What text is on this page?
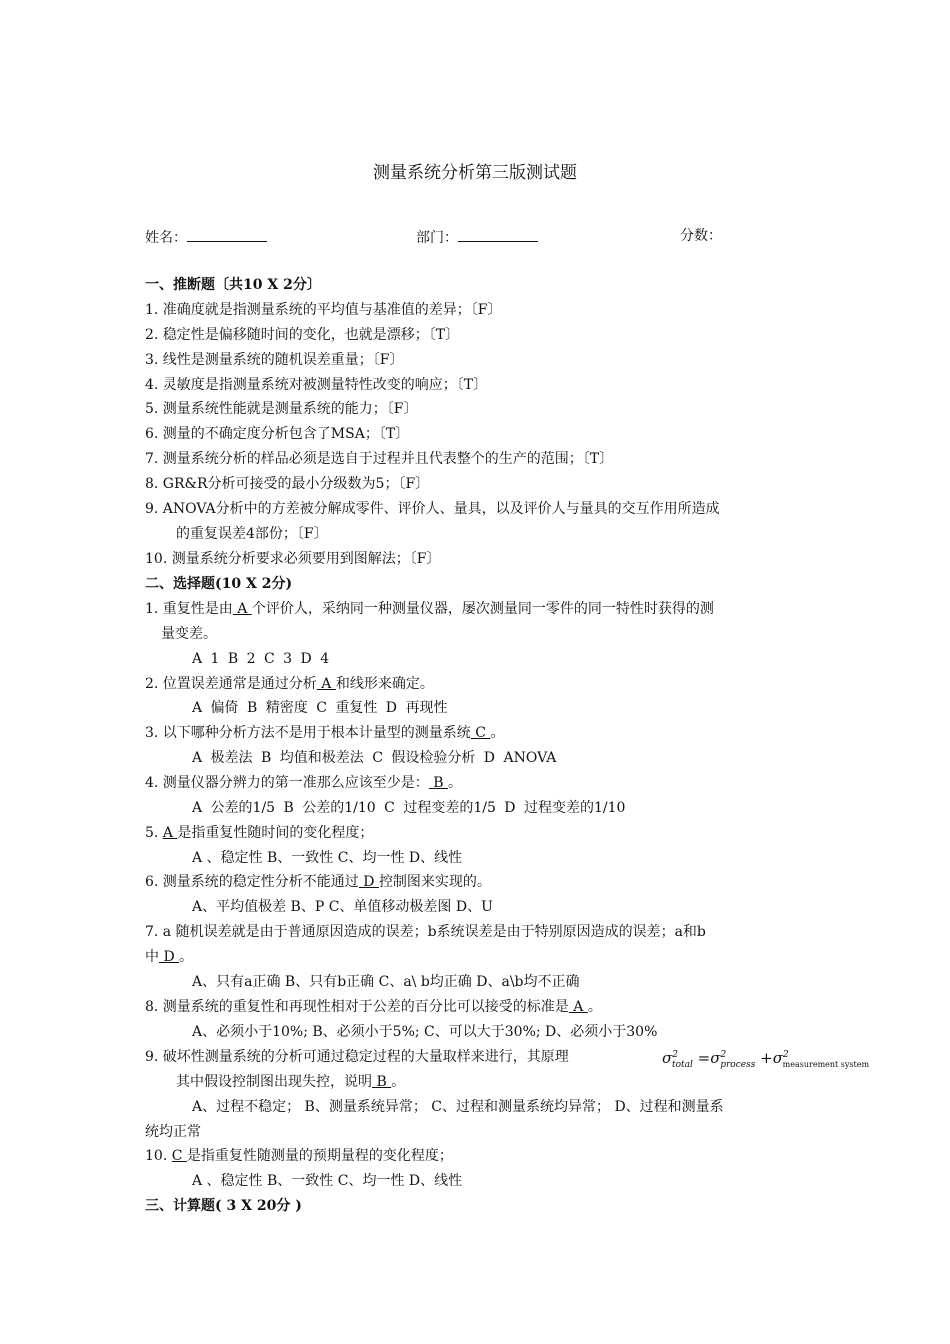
测量系统分析第三版测试题
姓名：	部门：	分数：
一、推断题〔共10 X 2分〕
1. 准确度就是指测量系统的平均值与基准值的差异；〔F〕
2. 稳定性是偏移随时间的变化，也就是漂移；〔T〕
3. 线性是测量系统的随机误差重量；〔F〕
4. 灵敏度是指测量系统对被测量特性改变的响应；〔T〕
5. 测量系统性能就是测量系统的能力；〔F〕
6. 测量的不确定度分析包含了MSA；〔T〕
7. 测量系统分析的样品必须是选自于过程并且代表整个的生产的范围；〔T〕
8. GR&R分析可接受的最小分级数为5；〔F〕
9. ANOVA分析中的方差被分解成零件、评价人、量具，以及评价人与量具的交互作用所造成
的重复误差4部份；〔F〕
10. 测量系统分析要求必须要用到图解法；〔F〕
二、选择题(10 X 2分)
1. 重复性是由 A 个评价人，采纳同一种测量仪器，屡次测量同一零件的同一特性时获得的测
量变差。
A 1 B 2 C 3 D 4
2. 位置误差通常是通过分析 A 和线形来确定。
A 偏倚 B 精密度 C 重复性 D 再现性
3. 以下哪种分析方法不是用于根本计量型的测量系统 C 。
A 极差法 B 均值和极差法 C 假设检验分析 D ANOVA
4. 测量仪器分辨力的第一准那么应该至少是： B 。
A 公差的1/5 B 公差的1/10 C 过程变差的1/5 D 过程变差的1/10
5. A 是指重复性随时间的变化程度；
A 、稳定性 B、一致性 C、均一性 D、线性
6. 测量系统的稳定性分析不能通过 D 控制图来实现的。
A、平均值极差 B、P C、单值移动极差图 D、U
7. a 随机误差就是由于普通原因造成的误差；b系统误差是由于特别原因造成的误差；a和b
中 D 。
A、只有a正确 B、只有b正确 C、a\ b均正确 D、a\b均不正确
8. 测量系统的重复性和再现性相对于公差的百分比可以接受的标准是 A 。
A、必须小于10%; B、必须小于5%; C、可以大于30%; D、必须小于30%
9. 破坏性测量系统的分析可通过稳定过程的大量取样来进行，其原理	$\sigma^2_{total} =\sigma^2_{process} +\sigma^2_{measurement system}$
其中假设控制图出现失控，说明 B 。
A、过程不稳定； B、测量系统异常； C、过程和测量系统均异常； D、过程和测量系
统均正常
10. C 是指重复性随测量的预期量程的变化程度；
A 、稳定性 B、一致性 C、均一性 D、线性
三、计算题( 3 X 20分 )
